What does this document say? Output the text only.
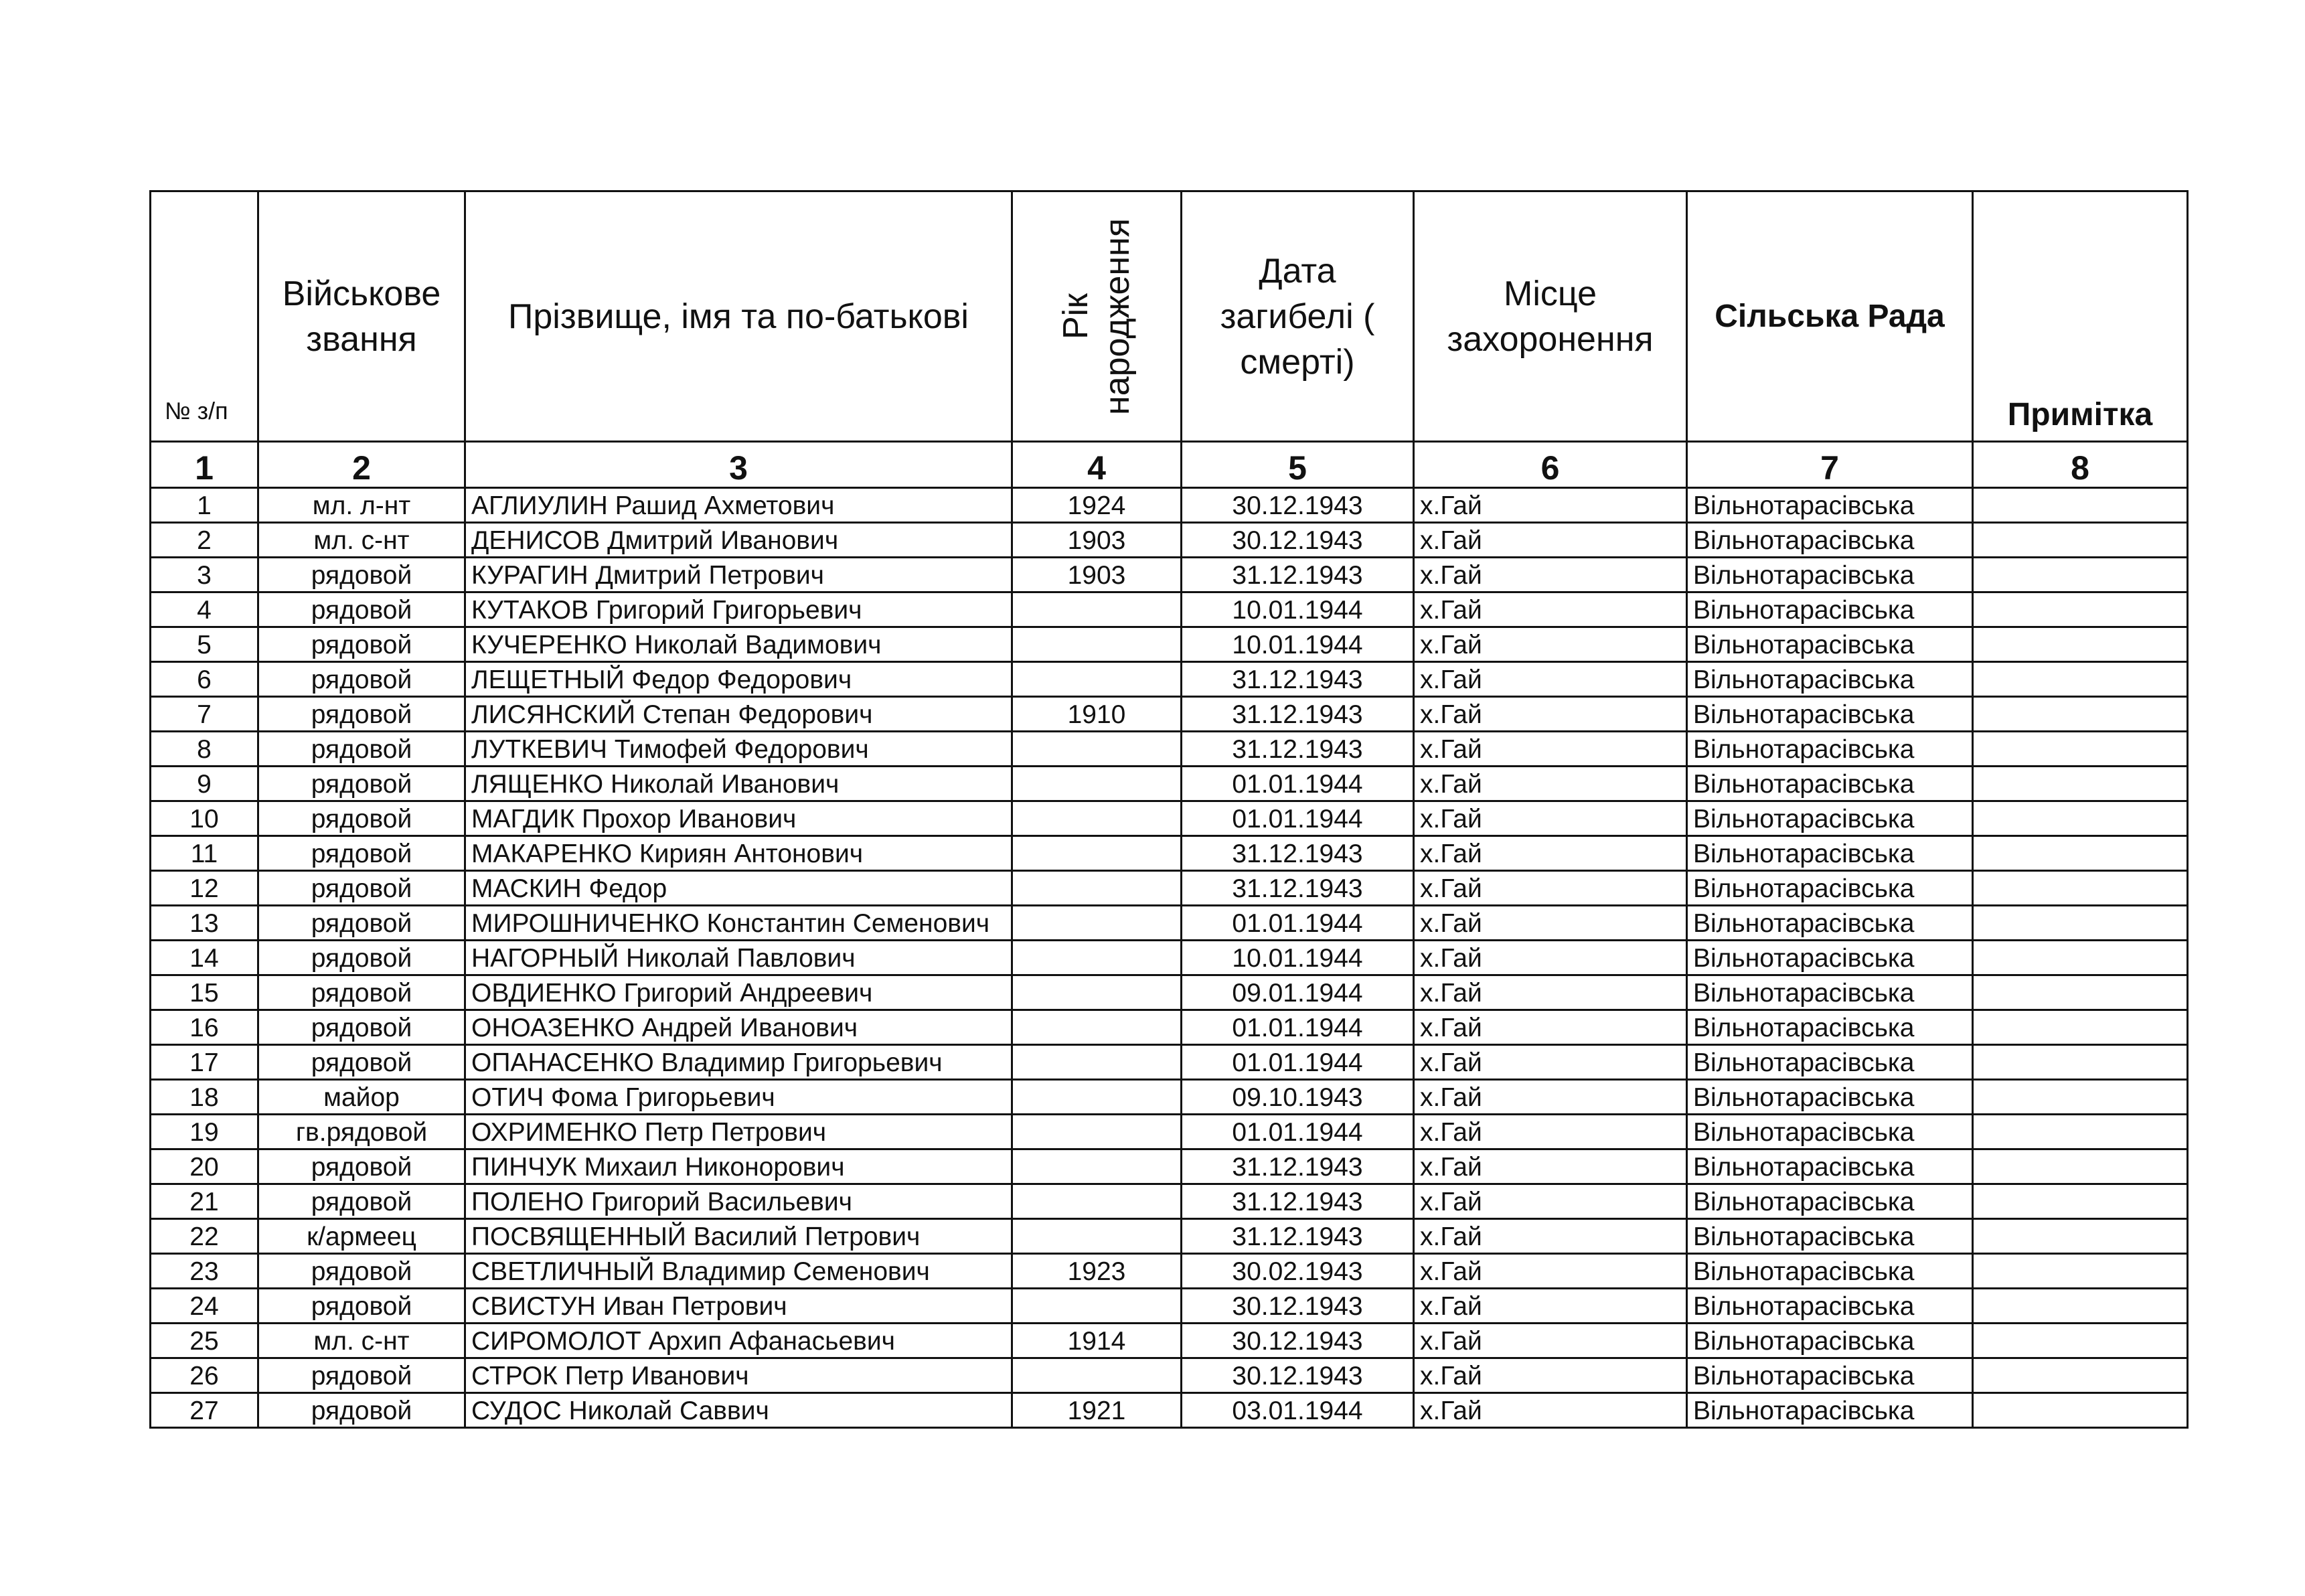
№ з/п	Військове звання	Прізвище, імя та по-батькові	Рік народження	Дата загибелі ( смерті)	Місце захоронення	Сільська Рада	Примітка
1	2	3	4	5	6	7	8
1	мл. л-нт	АГЛИУЛИН Рашид Ахметович	1924	30.12.1943	х.Гай	Вільнотарасівська	
2	мл. с-нт	ДЕНИСОВ Дмитрий Иванович	1903	30.12.1943	х.Гай	Вільнотарасівська	
3	рядовой	КУРАГИН Дмитрий Петрович	1903	31.12.1943	х.Гай	Вільнотарасівська	
4	рядовой	КУТАКОВ Григорий Григорьевич		10.01.1944	х.Гай	Вільнотарасівська	
5	рядовой	КУЧЕРЕНКО Николай Вадимович		10.01.1944	х.Гай	Вільнотарасівська	
6	рядовой	ЛЕЩЕТНЫЙ Федор Федорович		31.12.1943	х.Гай	Вільнотарасівська	
7	рядовой	ЛИСЯНСКИЙ Степан Федорович	1910	31.12.1943	х.Гай	Вільнотарасівська	
8	рядовой	ЛУТКЕВИЧ Тимофей Федорович		31.12.1943	х.Гай	Вільнотарасівська	
9	рядовой	ЛЯЩЕНКО Николай Иванович		01.01.1944	х.Гай	Вільнотарасівська	
10	рядовой	МАГДИК Прохор Иванович		01.01.1944	х.Гай	Вільнотарасівська	
11	рядовой	МАКАРЕНКО Кириян Антонович		31.12.1943	х.Гай	Вільнотарасівська	
12	рядовой	МАСКИН Федор		31.12.1943	х.Гай	Вільнотарасівська	
13	рядовой	МИРОШНИЧЕНКО Константин Семенович		01.01.1944	х.Гай	Вільнотарасівська	
14	рядовой	НАГОРНЫЙ Николай Павлович		10.01.1944	х.Гай	Вільнотарасівська	
15	рядовой	ОВДИЕНКО Григорий Андреевич		09.01.1944	х.Гай	Вільнотарасівська	
16	рядовой	ОНОАЗЕНКО Андрей Иванович		01.01.1944	х.Гай	Вільнотарасівська	
17	рядовой	ОПАНАСЕНКО Владимир Григорьевич		01.01.1944	х.Гай	Вільнотарасівська	
18	майор	ОТИЧ Фома Григорьевич		09.10.1943	х.Гай	Вільнотарасівська	
19	гв.рядовой	ОХРИМЕНКО Петр Петрович		01.01.1944	х.Гай	Вільнотарасівська	
20	рядовой	ПИНЧУК Михаил Никонорович		31.12.1943	х.Гай	Вільнотарасівська	
21	рядовой	ПОЛЕНО Григорий Васильевич		31.12.1943	х.Гай	Вільнотарасівська	
22	к/армеец	ПОСВЯЩЕННЫЙ Василий Петрович		31.12.1943	х.Гай	Вільнотарасівська	
23	рядовой	СВЕТЛИЧНЫЙ Владимир Семенович	1923	30.02.1943	х.Гай	Вільнотарасівська	
24	рядовой	СВИСТУН Иван Петрович		30.12.1943	х.Гай	Вільнотарасівська	
25	мл. с-нт	СИРОМОЛОТ Архип Афанасьевич	1914	30.12.1943	х.Гай	Вільнотарасівська	
26	рядовой	СТРОК Петр Иванович		30.12.1943	х.Гай	Вільнотарасівська	
27	рядовой	СУДОС Николай Саввич	1921	03.01.1944	х.Гай	Вільнотарасівська	
